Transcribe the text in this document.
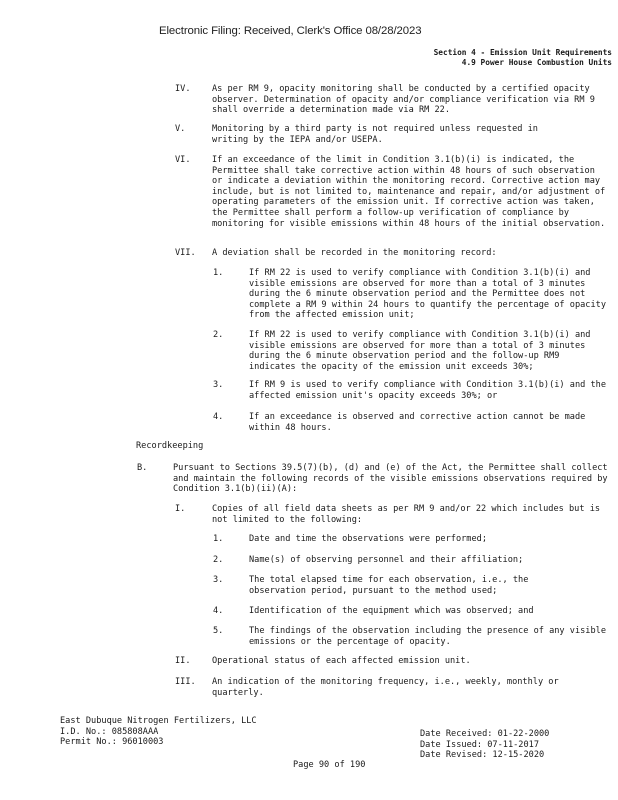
Electronic Filing: Received, Clerk's Office 08/28/2023
Section 4 - Emission Unit Requirements
4.9 Power House Combustion Units
IV. As per RM 9, opacity monitoring shall be conducted by a certified opacity observer. Determination of opacity and/or compliance verification via RM 9 shall override a determination made via RM 22.
V.	Monitoring by a third party is not required unless requested in writing by the IEPA and/or USEPA.
VI. If an exceedance of the limit in Condition 3.1(b)(i) is indicated, the Permittee shall take corrective action within 48 hours of such observation or indicate a deviation within the monitoring record. Corrective action may include, but is not limited to, maintenance and repair, and/or adjustment of operating parameters of the emission unit. If corrective action was taken, the Permittee shall perform a follow-up verification of compliance by monitoring for visible emissions within 48 hours of the initial observation.
VII. A deviation shall be recorded in the monitoring record:
1.	If RM 22 is used to verify compliance with Condition 3.1(b)(i) and visible emissions are observed for more than a total of 3 minutes during the 6 minute observation period and the Permittee does not complete a RM 9 within 24 hours to quantify the percentage of opacity from the affected emission unit;
2.	If RM 22 is used to verify compliance with Condition 3.1(b)(i) and visible emissions are observed for more than a total of 3 minutes during the 6 minute observation period and the follow-up RM9 indicates the opacity of the emission unit exceeds 30%;
3.	If RM 9 is used to verify compliance with Condition 3.1(b)(i) and the affected emission unit's opacity exceeds 30%; or
4.	If an exceedance is observed and corrective action cannot be made within 48 hours.
Recordkeeping
B.	Pursuant to Sections 39.5(7)(b), (d) and (e) of the Act, the Permittee shall collect and maintain the following records of the visible emissions observations required by Condition 3.1(b)(ii)(A):
I.	Copies of all field data sheets as per RM 9 and/or 22 which includes but is not limited to the following:
1.	Date and time the observations were performed;
2.	Name(s) of observing personnel and their affiliation;
3.	The total elapsed time for each observation, i.e., the observation period, pursuant to the method used;
4.	Identification of the equipment which was observed; and
5.	The findings of the observation including the presence of any visible emissions or the percentage of opacity.
II. Operational status of each affected emission unit.
III. An indication of the monitoring frequency, i.e., weekly, monthly or quarterly.
East Dubuque Nitrogen Fertilizers, LLC
I.D. No.: 085808AAA
Permit No.: 96010003
Date Received: 01-22-2000
Date Issued: 07-11-2017
Date Revised: 12-15-2020
Page 90 of 190
